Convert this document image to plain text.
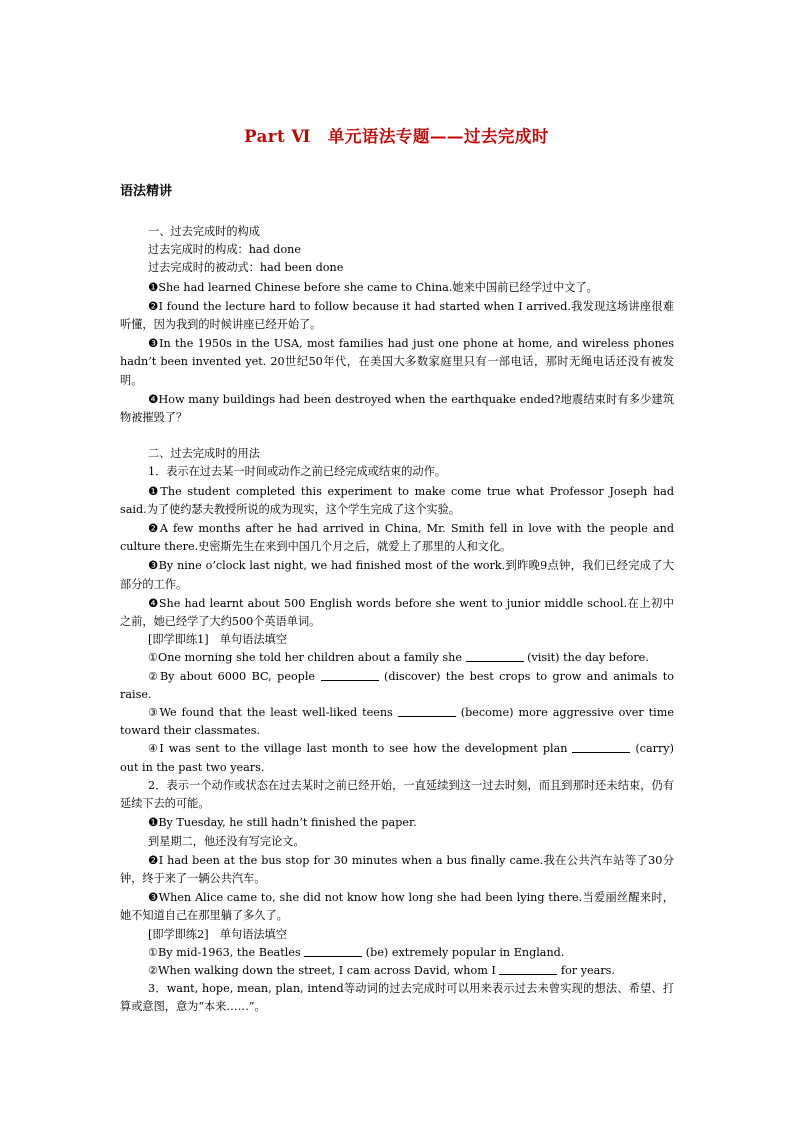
Part Ⅵ　单元语法专题——过去完成时
语法精讲

一、过去完成时的构成

过去完成时的构成：had done

过去完成时的被动式：had been done

❶She had learned Chinese before she came to China.她来中国前已经学过中文了。

❷I found the lecture hard to follow because it had started when I arrived.我发现这场讲座很难听懂，因为我到的时候讲座已经开始了。

❸In the 1950s in the USA, most families had just one phone at home, and wireless phones hadn’t been invented yet. 20世纪50年代，在美国大多数家庭里只有一部电话，那时无绳电话还没有被发明。

❹How many buildings had been destroyed when the earthquake ended?地震结束时有多少建筑物被摧毁了？

二、过去完成时的用法

1．表示在过去某一时间或动作之前已经完成或结束的动作。

❶The student completed this experiment to make come true what Professor Joseph had said.为了使约瑟夫教授所说的成为现实，这个学生完成了这个实验。

❷A few months after he had arrived in China, Mr. Smith fell in love with the people and culture there.史密斯先生在来到中国几个月之后，就爱上了那里的人和文化。

❸By nine o’clock last night, we had finished most of the work.到昨晚9点钟，我们已经完成了大部分的工作。

❹She had learnt about 500 English words before she went to junior middle school.在上初中之前，她已经学了大约500个英语单词。

[即学即练1]　单句语法填空

①One morning she told her children about a family she	(visit) the day before.

②By about 6000 BC, people	(discover) the best crops to grow and animals to raise.

③We found that the least well-liked teens	(become) more aggressive over time toward their classmates.

④I was sent to the village last month to see how the development plan	(carry) out in the past two years.

2．表示一个动作或状态在过去某时之前已经开始，一直延续到这一过去时刻，而且到那时还未结束，仍有延续下去的可能。

❶By Tuesday, he still hadn’t finished the paper.

到星期二，他还没有写完论文。

❷I had been at the bus stop for 30 minutes when a bus finally came.我在公共汽车站等了30分钟，终于来了一辆公共汽车。

❸When Alice came to, she did not know how long she had been lying there.当爱丽丝醒来时，她不知道自己在那里躺了多久了。

[即学即练2]　单句语法填空

①By mid-1963, the Beatles	(be) extremely popular in England.

②When walking down the street, I cam across David, whom I	for years.

3．want, hope, mean, plan, intend等动词的过去完成时可以用来表示过去未曾实现的想法、希望、打算或意图，意为“本来……”。
